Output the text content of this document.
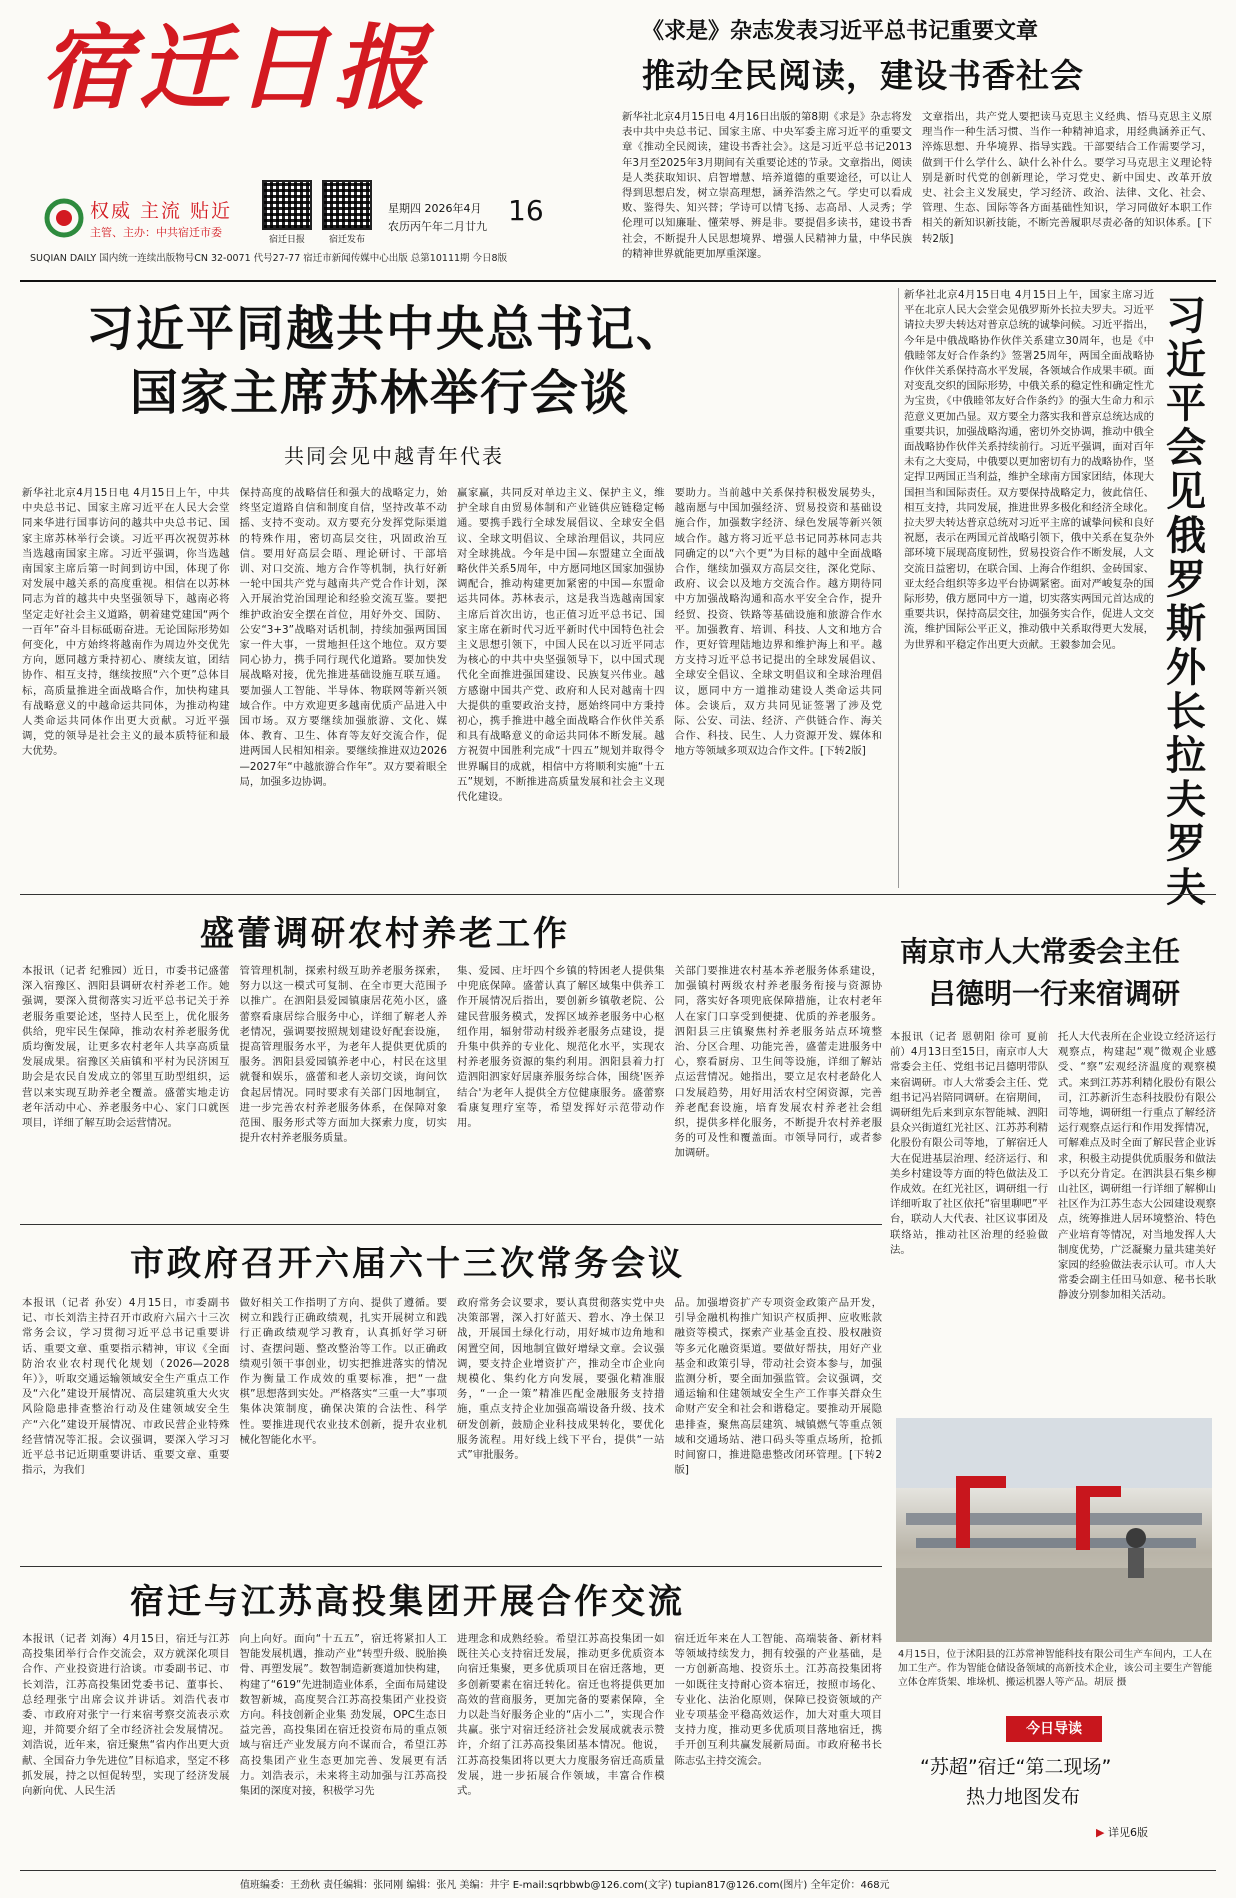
宿迁日报
权威 主流 贴近
主管、主办：中共宿迁市委
宿迁日报	宿迁发布
星期四 2026年4月
农历丙午年二月廿九 16
SUQIAN DAILY 国内统一连续出版物号CN 32-0071 代号27-77 宿迁市新闻传媒中心出版 总第10111期 今日8版
《求是》杂志发表习近平总书记重要文章
推动全民阅读，建设书香社会
新华社北京4月15日电 4月16日出版的第8期《求是》杂志将发表中共中央总书记、国家主席、中央军委主席习近平的重要文章《推动全民阅读，建设书香社会》。这是习近平总书记2013年3月至2025年3月期间有关重要论述的节录。文章指出，阅读是人类获取知识、启智增慧、培养道德的重要途径，可以让人得到思想启发，树立崇高理想，涵养浩然之气。学史可以看成败、鉴得失、知兴替；学诗可以情飞扬、志高昂、人灵秀；学伦理可以知廉耻、懂荣辱、辨是非。要提倡多读书，建设书香社会，不断提升人民思想境界、增强人民精神力量，中华民族的精神世界就能更加厚重深邃。
文章指出，共产党人要把读马克思主义经典、悟马克思主义原理当作一种生活习惯、当作一种精神追求，用经典涵养正气、淬炼思想、升华境界、指导实践。干部要结合工作需要学习，做到干什么学什么、缺什么补什么。要学习马克思主义理论特别是新时代党的创新理论，学习党史、新中国史、改革开放史、社会主义发展史，学习经济、政治、法律、文化、社会、管理、生态、国际等各方面基础性知识，学习同做好本职工作相关的新知识新技能，不断完善履职尽责必备的知识体系。[下转2版]
习近平同越共中央总书记、
国家主席苏林举行会谈
共同会见中越青年代表
新华社北京4月15日电 4月15日上午，中共中央总书记、国家主席习近平在人民大会堂同来华进行国事访问的越共中央总书记、国家主席苏林举行会谈。习近平再次祝贺苏林当选越南国家主席。习近平强调，你当选越南国家主席后第一时间到访中国，体现了你对发展中越关系的高度重视。相信在以苏林同志为首的越共中央坚强领导下，越南必将坚定走好社会主义道路，朝着建党建国“两个一百年”奋斗目标砥砺奋进。无论国际形势如何变化，中方始终将越南作为周边外交优先方向，愿同越方秉持初心、赓续友谊，团结协作、相互支持，继续按照“六个更”总体目标，高质量推进全面战略合作，加快构建具有战略意义的中越命运共同体，为推动构建人类命运共同体作出更大贡献。习近平强调，党的领导是社会主义的最本质特征和最大优势。
保持高度的战略信任和强大的战略定力，始终坚定道路自信和制度自信，坚持改革不动摇、支持不变动。双方要充分发挥党际渠道的特殊作用，密切高层交往，巩固政治互信。要用好高层会晤、理论研讨、干部培训、对口交流、地方合作等机制，执行好新一轮中国共产党与越南共产党合作计划，深入开展治党治国理论和经验交流互鉴。要把维护政治安全摆在首位，用好外交、国防、公安“3+3”战略对话机制，持续加强两国国家一件大事，一贯地担任这个地位。双方要同心协力，携手同行现代化道路。要加快发展战略对接，优先推进基础设施互联互通。要加强人工智能、半导体、物联网等新兴领域合作。中方欢迎更多越南优质产品进入中国市场。双方要继续加强旅游、文化、媒体、教育、卫生、体育等友好交流合作，促进两国人民相知相亲。要继续推进双边2026—2027年“中越旅游合作年”。双方要着眼全局，加强多边协调。
赢家赢，共同反对单边主义、保护主义，维护全球自由贸易体制和产业链供应链稳定畅通。要携手践行全球发展倡议、全球安全倡议、全球文明倡议、全球治理倡议，共同应对全球挑战。今年是中国—东盟建立全面战略伙伴关系5周年，中方愿同地区国家加强协调配合，推动构建更加紧密的中国—东盟命运共同体。苏林表示，这是我当选越南国家主席后首次出访，也正值习近平总书记、国家主席在新时代习近平新时代中国特色社会主义思想引领下，中国人民在以习近平同志为核心的中共中央坚强领导下，以中国式现代化全面推进强国建设、民族复兴伟业。越方感谢中国共产党、政府和人民对越南十四大提供的重要政治支持，愿始终同中方秉持初心，携手推进中越全面战略合作伙伴关系和具有战略意义的命运共同体不断发展。越方祝贺中国胜利完成“十四五”规划并取得令世界瞩目的成就，相信中方将顺利实施“十五五”规划，不断推进高质量发展和社会主义现代化建设。
要助力。当前越中关系保持积极发展势头，越南愿与中国加强经济、贸易投资和基础设施合作，加强数字经济、绿色发展等新兴领域合作。越方将习近平总书记同苏林同志共同确定的以“六个更”为目标的越中全面战略合作，继续加强双方高层交往，深化党际、政府、议会以及地方交流合作。越方期待同中方加强战略沟通和高水平安全合作，提升经贸、投资、铁路等基础设施和旅游合作水平。加强教育、培训、科技、人文和地方合作，更好管理陆地边界和维护海上和平。越方支持习近平总书记提出的全球发展倡议、全球安全倡议、全球文明倡议和全球治理倡议，愿同中方一道推动建设人类命运共同体。会谈后，双方共同见证签署了涉及党际、公安、司法、经济、产供链合作、海关合作、科技、民生、人力资源开发、媒体和地方等领域多项双边合作文件。[下转2版]
新华社北京4月15日电 4月15日上午，国家主席习近平在北京人民大会堂会见俄罗斯外长拉夫罗夫。习近平请拉夫罗夫转达对普京总统的诚挚问候。习近平指出，今年是中俄战略协作伙伴关系建立30周年，也是《中俄睦邻友好合作条约》签署25周年，两国全面战略协作伙伴关系保持高水平发展，各领域合作成果丰硕。面对变乱交织的国际形势，中俄关系的稳定性和确定性尤为宝贵，《中俄睦邻友好合作条约》的强大生命力和示范意义更加凸显。双方要全力落实我和普京总统达成的重要共识，加强战略沟通，密切外交协调，推动中俄全面战略协作伙伴关系持续前行。习近平强调，面对百年未有之大变局，中俄要以更加密切有力的战略协作，坚定捍卫两国正当利益，维护全球南方国家团结，体现大国担当和国际责任。双方要保持战略定力，彼此信任、相互支持，共同发展，推进世界多极化和经济全球化。拉夫罗夫转达普京总统对习近平主席的诚挚问候和良好祝愿，表示在两国元首战略引领下，俄中关系在复杂外部环境下展现高度韧性，贸易投资合作不断发展，人文交流日益密切，在联合国、上海合作组织、金砖国家、亚太经合组织等多边平台协调紧密。面对严峻复杂的国际形势，俄方愿同中方一道，切实落实两国元首达成的重要共识，保持高层交往，加强务实合作，促进人文交流，维护国际公平正义，推动俄中关系取得更大发展，为世界和平稳定作出更大贡献。王毅参加会见。
习近平会见俄罗斯外长拉夫罗夫
盛蕾调研农村养老工作
本报讯（记者 纪雅园）近日，市委书记盛蕾深入宿豫区、泗阳县调研农村养老工作。她强调，要深入贯彻落实习近平总书记关于养老服务重要论述，坚持人民至上，优化服务供给，兜牢民生保障，推动农村养老服务优质均衡发展，让更多农村老年人共享高质量发展成果。宿豫区关庙镇和平村为民济困互助会是农民自发成立的邻里互助型组织，运营以来实现互助养老全覆盖。盛蕾实地走访老年活动中心、养老服务中心、家门口就医项目，详细了解互助会运营情况。
管管理机制，探索村级互助养老服务探索，努力以这一模式可复制、在全市更大范围予以推广。在泗阳县爱园镇康居花苑小区，盛蕾察看康居综合服务中心，详细了解老人养老情况，强调要按照规划建设好配套设施，提高管理服务水平，为老年人提供更优质的服务。泗阳县爱园镇养老中心，村民在这里就餐和娱乐，盛蕾和老人亲切交谈，询问饮食起居情况。同时要求有关部门因地制宜，进一步完善农村养老服务体系，在保障对象范围、服务形式等方面加大探索力度，切实提升农村养老服务质量。
集、爱园、庄圩四个乡镇的特困老人提供集中兜底保障。盛蕾认真了解区域集中供养工作开展情况后指出，要创新乡镇敬老院、公建民营服务模式，发挥区域养老服务中心枢纽作用，辐射带动村级养老服务点建设，提升集中供养的专业化、规范化水平，实现农村养老服务资源的集约利用。泗阳县着力打造泗阳泗家好居康养服务综合体，围绕'医养结合'为老年人提供全方位健康服务。盛蕾察看康复理疗室等，希望发挥好示范带动作用。
关部门要推进农村基本养老服务体系建设，加强镇村两级农村养老服务衔接与资源协同，落实好各项兜底保障措施，让农村老年人在家门口享受到便捷、优质的养老服务。泗阳县三庄镇聚焦村养老服务站点环境整治、分区合理、功能完善，盛蕾走进服务中心，察看厨房、卫生间等设施，详细了解站点运营情况。她指出，要立足农村老龄化人口发展趋势，用好用活农村空闲资源，完善养老配套设施，培育发展农村养老社会组织，提供多样化服务，不断提升农村养老服务的可及性和覆盖面。市领导同行，或者参加调研。
南京市人大常委会主任
吕德明一行来宿调研
本报讯（记者 恩朝阳 徐可 夏前前）4月13日至15日，南京市人大常委会主任、党组书记吕德明带队来宿调研。市人大常委会主任、党组书记冯岩陪同调研。在宿期间，调研组先后来到京东智能城、泗阳县众兴街道红光社区、江苏苏利精化股份有限公司等地，了解宿迁人大在促进基层治理、经济运行、和美乡村建设等方面的特色做法及工作成效。在红光社区，调研组一行详细听取了社区依托“宿里聊吧”平台，联动人大代表、社区议事团及联络站，推动社区治理的经验做法。
托人大代表所在企业设立经济运行观察点，构建起“观”微观企业感受、“察”宏观经济温度的观察模式。来到江苏苏利精化股份有限公司，江苏新沂生态科技股份有限公司等地，调研组一行重点了解经济运行观察点运行和作用发挥情况，可解难点及时全面了解民营企业诉求，积极主动提供优质服务和做法予以充分肯定。在泗洪县石集乡柳山社区，调研组一行详细了解柳山社区作为江苏生态大公园建设观察点，统筹推进人居环境整治、特色产业培育等情况，对当地发挥人大制度优势，广泛凝聚力量共建美好家园的经验做法表示认可。市人大常委会副主任田马如意、秘书长耿静波分别参加相关活动。
市政府召开六届六十三次常务会议
本报讯（记者 孙安）4月15日，市委副书记、市长刘浩主持召开市政府六届六十三次常务会议，学习贯彻习近平总书记重要讲话、重要文章、重要指示精神，审议《全面防治农业农村现代化规划（2026—2028年）》，听取交通运输领域安全生产重点工作及“六化”建设开展情况、高层建筑重大火灾风险隐患排查整治行动及住建领域安全生产“六化”建设开展情况、市政民营企业特殊经营情况等汇报。会议强调，要深入学习习近平总书记近期重要讲话、重要文章、重要指示，为我们
做好相关工作指明了方向、提供了遵循。要树立和践行正确政绩观，扎实开展树立和践行正确政绩观学习教育，认真抓好学习研讨、查摆问题、整改整治等工作。以正确政绩观引领干事创业，切实把推进落实的情况作为衡量工作成效的重要标准，把“一盘棋”思想落到实处。严格落实“三重一大”事项集体决策制度，确保决策的合法性、科学性。要推进现代农业技术创新，提升农业机械化智能化水平。
政府常务会议要求，要认真贯彻落实党中央决策部署，深入打好蓝天、碧水、净土保卫战，开展国土绿化行动，用好城市边角地和闲置空间，因地制宜做好增绿文章。会议强调，要支持企业增资扩产，推动全市企业向规模化、集约化方向发展，要强化精准服务，“一企一策”精准匹配金融服务支持措施，重点支持企业加强高端设备升级、技术研发创新，鼓励企业科技成果转化，要优化服务流程。用好线上线下平台，提供“一站式”审批服务。
品。加强增资扩产专项资金政策产品开发，引导金融机构推广知识产权质押、应收账款融资等模式，探索产业基金直投、股权融资等多元化融资渠道。要做好帮扶，用好产业基金和政策引导，带动社会资本参与，加强监测分析，要全面加强监管。会议强调，交通运输和住建领域安全生产工作事关群众生命财产安全和社会和谐稳定。要推动开展隐患排查，聚焦高层建筑、城镇燃气等重点领域和交通场站、港口码头等重点场所，抢抓时间窗口，推进隐患整改闭环管理。[下转2版]
4月15日，位于沭阳县的江苏常神智能科技有限公司生产车间内，工人在加工生产。作为智能仓储设备领域的高新技术企业，该公司主要生产智能立体仓库货架、堆垛机、搬运机器人等产品。胡辰 摄
宿迁与江苏高投集团开展合作交流
本报讯（记者 刘海）4月15日，宿迁与江苏高投集团举行合作交流会，双方就深化项目合作、产业投资进行洽谈。市委副书记、市长刘浩，江苏高投集团党委书记、董事长、总经理张宁出席会议并讲话。刘浩代表市委、市政府对张宁一行来宿考察交流表示欢迎，并简要介绍了全市经济社会发展情况。刘浩说，近年来，宿迁聚焦“省内作出更大贡献、全国奋力争先进位”目标追求，坚定不移抓发展，持之以恒促转型，实现了经济发展向新向优、人民生活
向上向好。面向“十五五”，宿迁将紧扣人工智能发展机遇，推动产业“转型升级、脱胎换骨、再塑发展”。数智制造新赛道加快构建，构建了“619”先进制造业体系，全面布局建设数智新城，高度契合江苏高投集团产业投资方向。科技创新企业集 劲发展，OPC生态日益完善，高投集团在宿迁投资布局的重点领域与宿迁产业发展方向不谋而合，希望江苏高投集团产业生态更加完善、发展更有活力。刘浩表示，未来将主动加强与江苏高投集团的深度对接，积极学习先
进理念和成熟经验。希望江苏高投集团一如既往关心支持宿迁发展，推动更多优质资本向宿迁集聚，更多优质项目在宿迁落地，更多创新要素在宿迁转化。宿迁也将提供更加高效的营商服务，更加完备的要素保障，全力以赴当好服务企业的“店小二”，实现合作共赢。张宁对宿迁经济社会发展成就表示赞许，介绍了江苏高投集团基本情况。他说，江苏高投集团将以更大力度服务宿迁高质量发展，进一步拓展合作领域，丰富合作模式。
宿迁近年来在人工智能、高端装备、新材料等领域持续发力，拥有较强的产业基础，是一方创新高地、投资乐土。江苏高投集团将一如既往支持耐心资本宿迁，按照市场化、专业化、法治化原则，保障已投资领域的产业专项基金平稳高效运作，加大对重大项目支持力度，推动更多优质项目落地宿迁，携手开创互利共赢发展新局面。市政府秘书长陈志弘主持交流会。
今日导读
“苏超”宿迁“第二现场”
热力地图发布
▶ 详见6版
值班编委：王劲秋 责任编辑：张同刚 编辑：张凡 美编：井宇 E-mail:sqrbbwb@126.com(文字) tupian817@126.com(图片) 全年定价：468元
